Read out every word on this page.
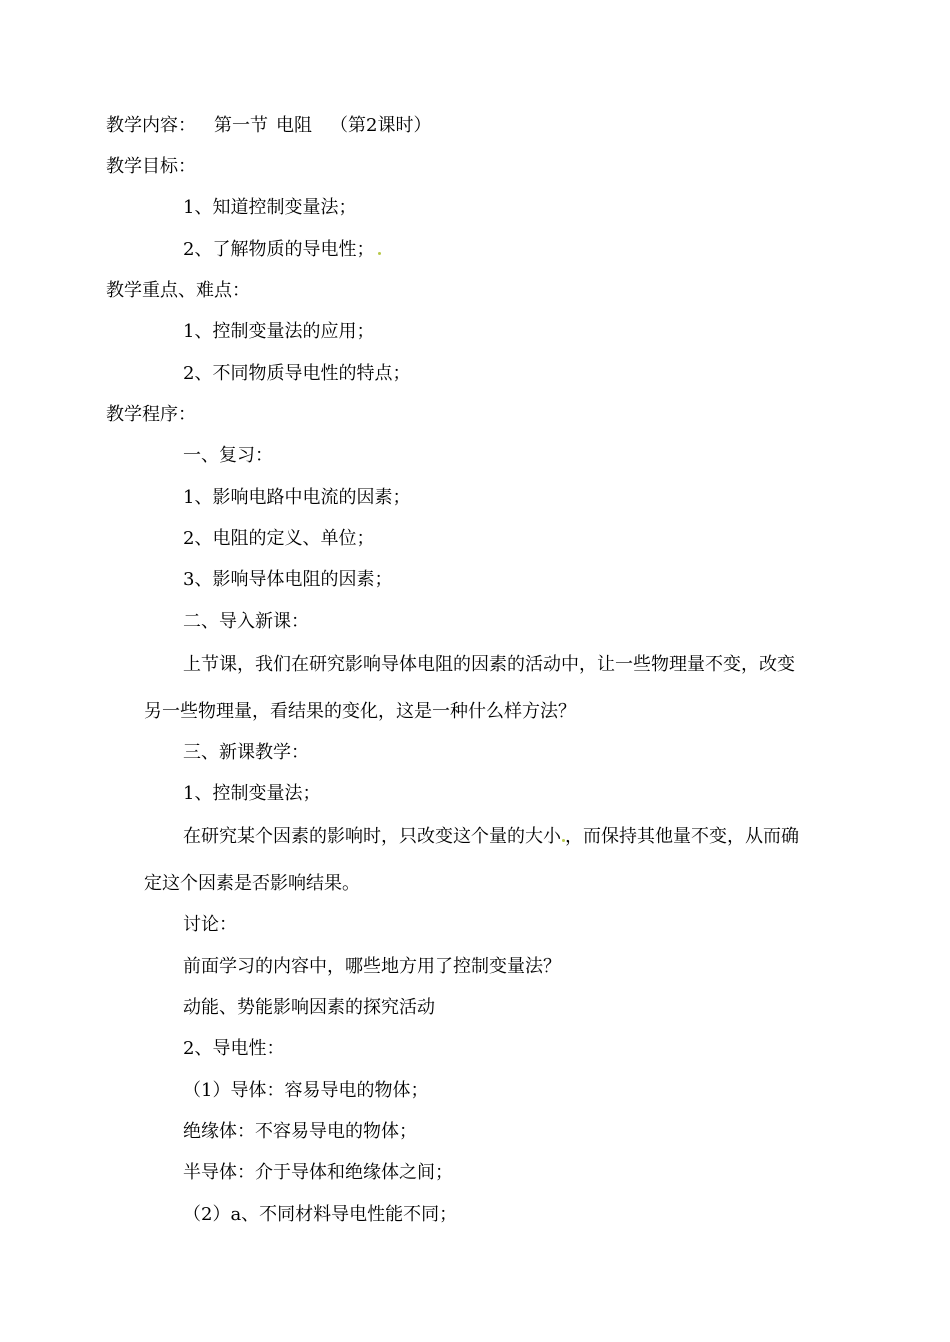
教学内容： 第一节 电阻 （第2课时）

教学目标：

1、知道控制变量法；

2、了解物质的导电性；

教学重点、难点：

1、控制变量法的应用；

2、不同物质导电性的特点；

教学程序：

一、复习：

1、影响电路中电流的因素；

2、电阻的定义、单位；

3、影响导体电阻的因素；

二、导入新课：

上节课，我们在研究影响导体电阻的因素的活动中，让一些物理量不变，改变

另一些物理量，看结果的变化，这是一种什么样方法？

三、新课教学：

1、控制变量法；

在研究某个因素的影响时，只改变这个量的大小 ，而保持其他量不变，从而确

定这个因素是否影响结果。

讨论：

前面学习的内容中，哪些地方用了控制变量法？

动能、势能影响因素的探究活动

2、导电性：

（1）导体：容易导电的物体；

绝缘体：不容易导电的物体；

半导体：介于导体和绝缘体之间；

（2）a、不同材料导电性能不同；
